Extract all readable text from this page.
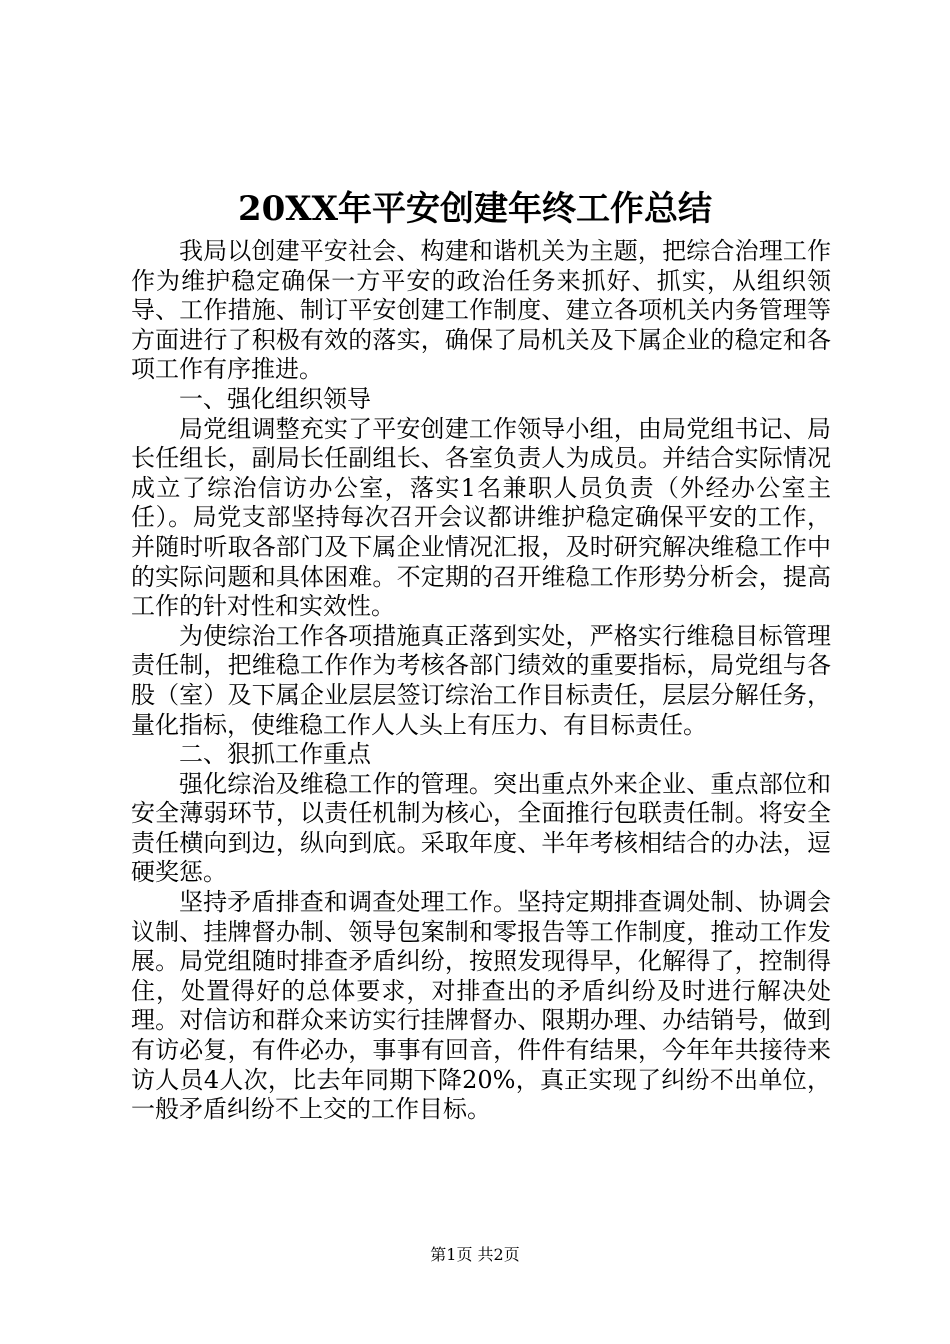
20XX年平安创建年终工作总结

我局以创建平安社会、构建和谐机关为主题，把综合治理工作作为维护稳定确保一方平安的政治任务来抓好、抓实，从组织领导、工作措施、制订平安创建工作制度、建立各项机关内务管理等方面进行了积极有效的落实，确保了局机关及下属企业的稳定和各项工作有序推进。

一、强化组织领导

局党组调整充实了平安创建工作领导小组，由局党组书记、局长任组长，副局长任副组长、各室负责人为成员。并结合实际情况成立了综治信访办公室，落实1名兼职人员负责（外经办公室主任）。局党支部坚持每次召开会议都讲维护稳定确保平安的工作，并随时听取各部门及下属企业情况汇报，及时研究解决维稳工作中的实际问题和具体困难。不定期的召开维稳工作形势分析会，提高工作的针对性和实效性。

为使综治工作各项措施真正落到实处，严格实行维稳目标管理责任制，把维稳工作作为考核各部门绩效的重要指标，局党组与各股（室）及下属企业层层签订综治工作目标责任，层层分解任务，量化指标，使维稳工作人人头上有压力、有目标责任。

二、狠抓工作重点

强化综治及维稳工作的管理。突出重点外来企业、重点部位和安全薄弱环节，以责任机制为核心，全面推行包联责任制。将安全责任横向到边，纵向到底。采取年度、半年考核相结合的办法，逗硬奖惩。

坚持矛盾排查和调查处理工作。坚持定期排查调处制、协调会议制、挂牌督办制、领导包案制和零报告等工作制度，推动工作发展。局党组随时排查矛盾纠纷，按照发现得早，化解得了，控制得住，处置得好的总体要求，对排查出的矛盾纠纷及时进行解决处理。对信访和群众来访实行挂牌督办、限期办理、办结销号，做到有访必复，有件必办，事事有回音，件件有结果，今年年共接待来访人员4人次，比去年同期下降20%，真正实现了纠纷不出单位，一般矛盾纠纷不上交的工作目标。

第1页 共2页
